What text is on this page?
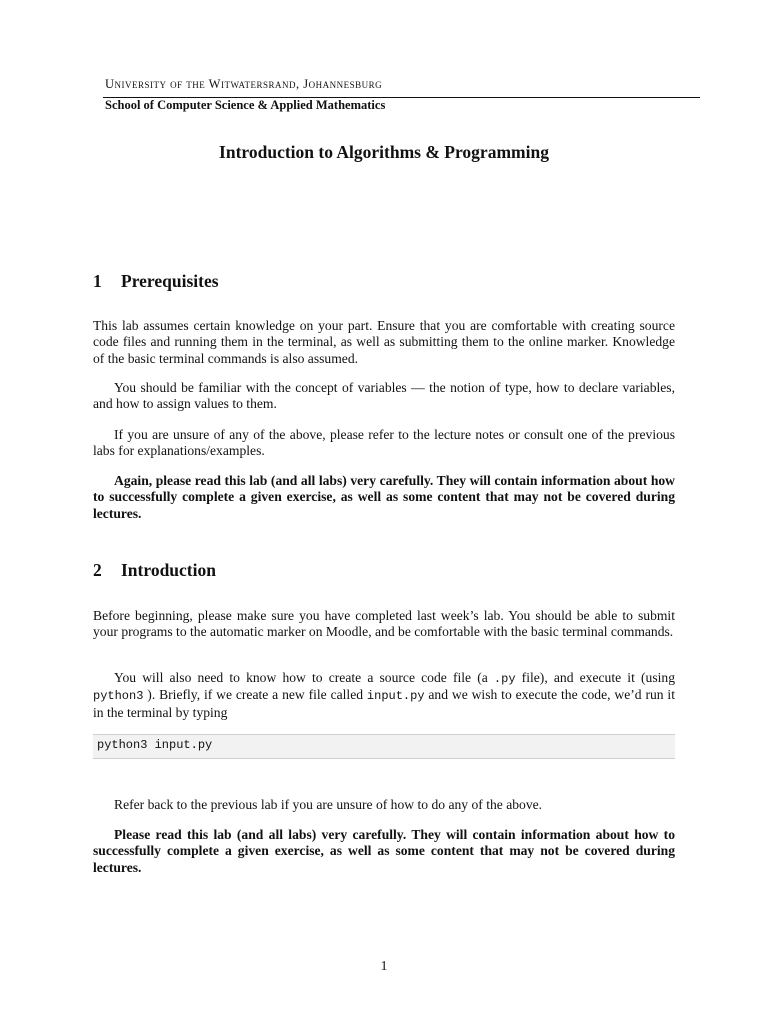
University of the Witwatersrand, Johannesburg
School of Computer Science & Applied Mathematics
Introduction to Algorithms & Programming
1 Prerequisites
This lab assumes certain knowledge on your part. Ensure that you are comfortable with creating source code files and running them in the terminal, as well as submitting them to the online marker. Knowledge of the basic terminal commands is also assumed.
You should be familiar with the concept of variables — the notion of type, how to declare variables, and how to assign values to them.
If you are unsure of any of the above, please refer to the lecture notes or consult one of the previous labs for explanations/examples.
Again, please read this lab (and all labs) very carefully. They will contain information about how to successfully complete a given exercise, as well as some content that may not be covered during lectures.
2 Introduction
Before beginning, please make sure you have completed last week’s lab. You should be able to submit your programs to the automatic marker on Moodle, and be comfortable with the basic terminal commands.
You will also need to know how to create a source code file (a .py file), and execute it (using python3 ). Briefly, if we create a new file called input.py and we wish to execute the code, we’d run it in the terminal by typing
python3 input.py
Refer back to the previous lab if you are unsure of how to do any of the above.
Please read this lab (and all labs) very carefully. They will contain information about how to successfully complete a given exercise, as well as some content that may not be covered during lectures.
1
